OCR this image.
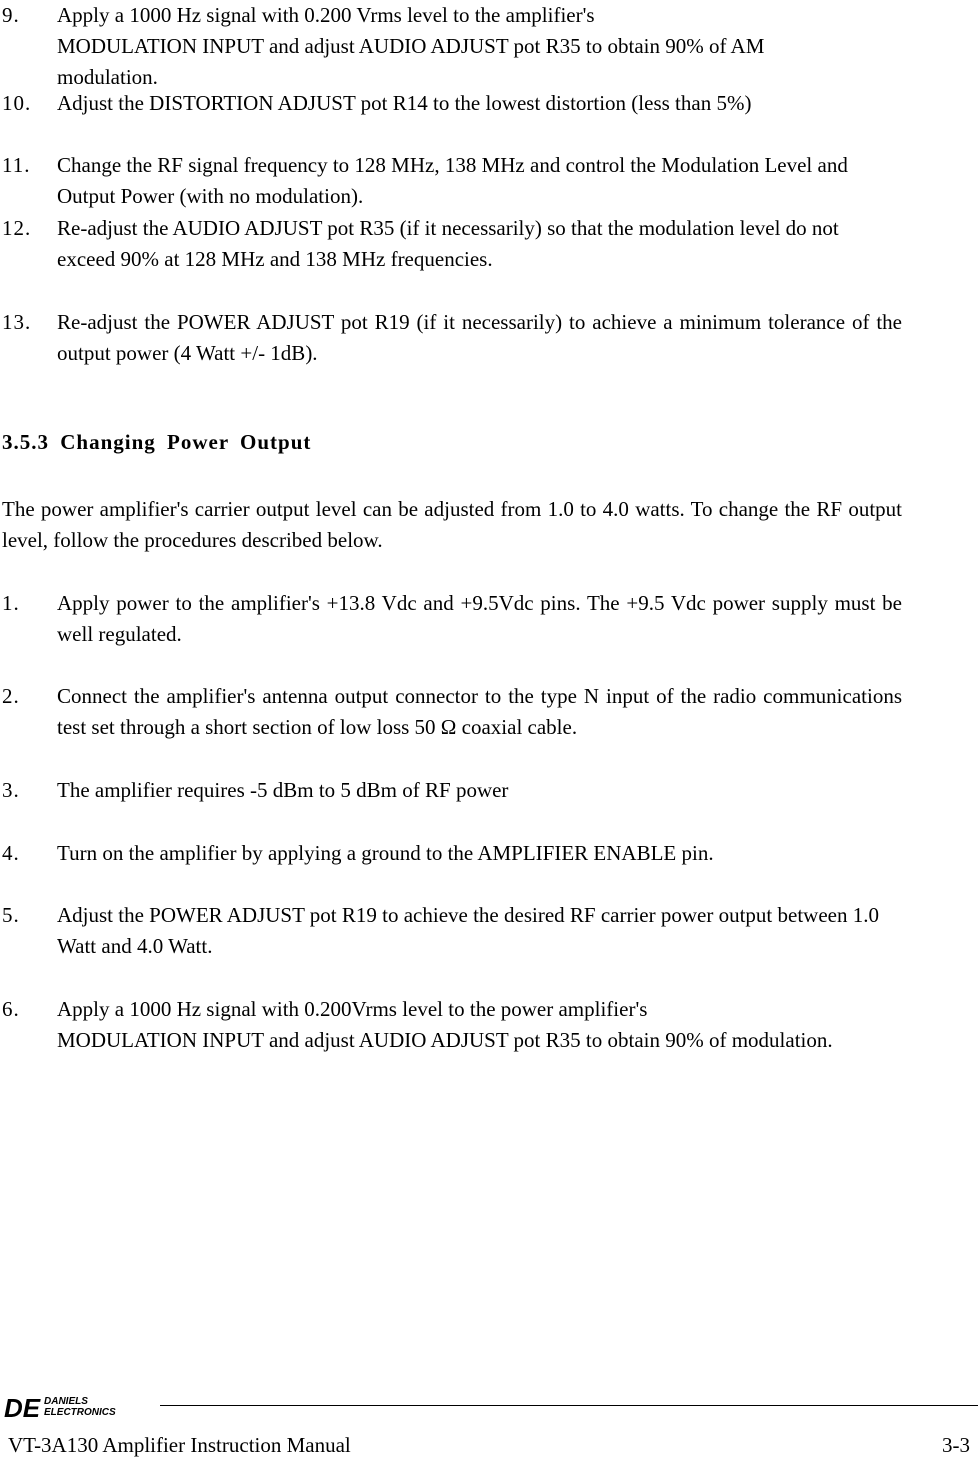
9. Apply a 1000 Hz signal with 0.200 Vrms level to the amplifier's
MODULATION INPUT and adjust AUDIO ADJUST pot R35 to obtain 90% of AM
modulation.
10. Adjust the DISTORTION ADJUST pot R14 to the lowest distortion (less than 5%)
11. Change the RF signal frequency to 128 MHz, 138 MHz and control the Modulation Level and Output Power (with no modulation).
12. Re-adjust the AUDIO ADJUST pot R35 (if it necessarily) so that the modulation level do not exceed 90% at 128 MHz and 138 MHz frequencies.
13. Re-adjust the POWER ADJUST pot R19 (if it necessarily) to achieve a minimum tolerance of the output power (4 Watt +/- 1dB).
3.5.3 Changing Power Output
The power amplifier's carrier output level can be adjusted from 1.0 to 4.0 watts. To change the RF output level, follow the procedures described below.
1. Apply power to the amplifier's +13.8 Vdc and +9.5Vdc pins. The +9.5 Vdc power supply must be well regulated.
2. Connect the amplifier's antenna output connector to the type N input of the radio communications test set through a short section of low loss 50 Ω coaxial cable.
3. The amplifier requires -5 dBm to 5 dBm of RF power
4. Turn on the amplifier by applying a ground to the AMPLIFIER ENABLE pin.
5. Adjust the POWER ADJUST pot R19 to achieve the desired RF carrier power output between 1.0 Watt and 4.0 Watt.
6. Apply a 1000 Hz signal with 0.200Vrms level to the power amplifier's
MODULATION INPUT and adjust AUDIO ADJUST pot R35 to obtain 90% of modulation.
DE DANIELS
ELECTRONICS
VT-3A130 Amplifier Instruction Manual	3-3
